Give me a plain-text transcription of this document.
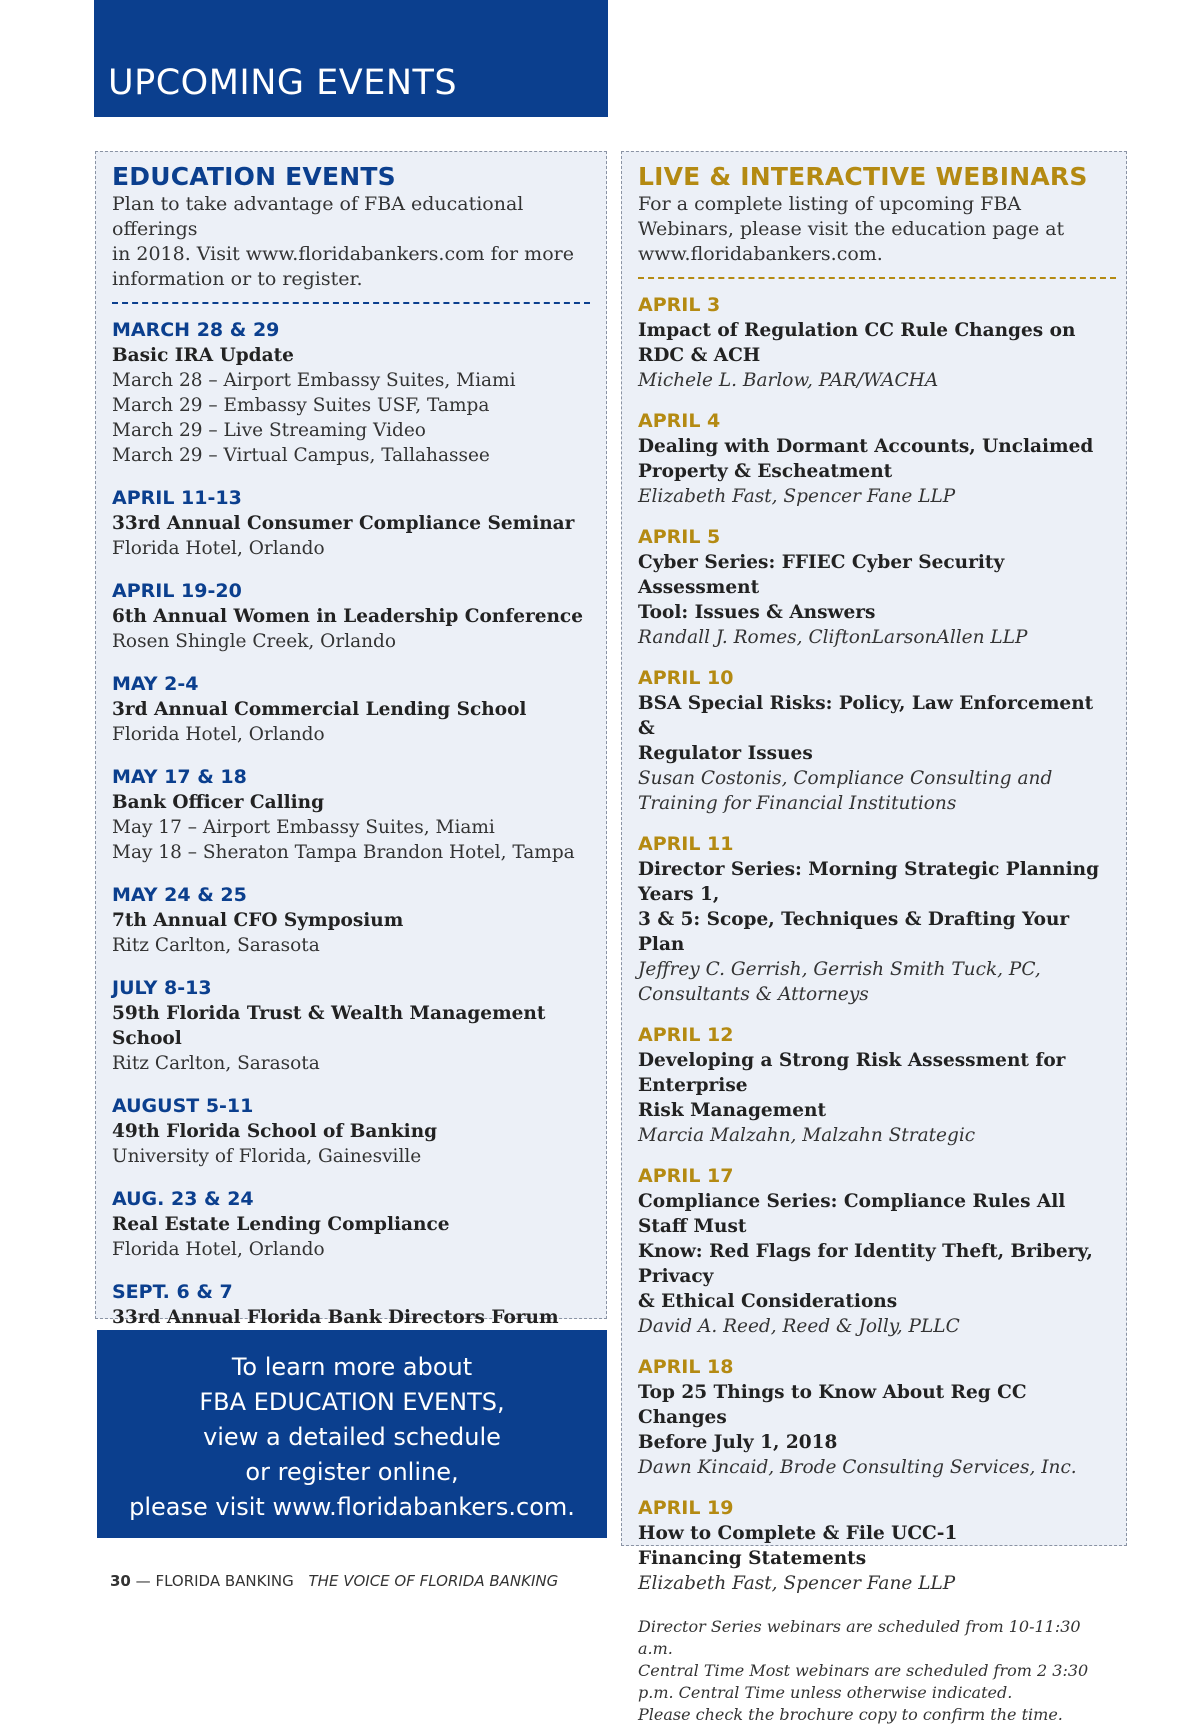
UPCOMING EVENTS
EDUCATION EVENTS

Plan to take advantage of FBA educational offerings
in 2018. Visit www.floridabankers.com for more
information or to register.

MARCH 28 & 29
Basic IRA Update
March 28 – Airport Embassy Suites, Miami
March 29 – Embassy Suites USF, Tampa
March 29 – Live Streaming Video
March 29 – Virtual Campus, Tallahassee
APRIL 11-13
33rd Annual Consumer Compliance Seminar
Florida Hotel, Orlando
APRIL 19-20
6th Annual Women in Leadership Conference
Rosen Shingle Creek, Orlando
MAY 2-4
3rd Annual Commercial Lending School
Florida Hotel, Orlando
MAY 17 & 18
Bank Officer Calling
May 17 – Airport Embassy Suites, Miami
May 18 – Sheraton Tampa Brandon Hotel, Tampa
MAY 24 & 25
7th Annual CFO Symposium
Ritz Carlton, Sarasota
JULY 8-13
59th Florida Trust & Wealth Management School
Ritz Carlton, Sarasota
AUGUST 5-11
49th Florida School of Banking
University of Florida, Gainesville
AUG. 23 & 24
Real Estate Lending Compliance
Florida Hotel, Orlando
SEPT. 6 & 7
33rd Annual Florida Bank Directors Forum
To learn more about
FBA EDUCATION EVENTS,
view a detailed schedule
or register online,
please visit www.floridabankers.com.
LIVE & INTERACTIVE WEBINARS

For a complete listing of upcoming FBA
Webinars, please visit the education page at
www.floridabankers.com.

APRIL 3
Impact of Regulation CC Rule Changes on
RDC & ACH
Michele L. Barlow, PAR/WACHA
APRIL 4
Dealing with Dormant Accounts, Unclaimed
Property & Escheatment
Elizabeth Fast, Spencer Fane LLP
APRIL 5
Cyber Series: FFIEC Cyber Security Assessment
Tool: Issues & Answers
Randall J. Romes, CliftonLarsonAllen LLP
APRIL 10
BSA Special Risks: Policy, Law Enforcement &
Regulator Issues
Susan Costonis, Compliance Consulting and
Training for Financial Institutions
APRIL 11
Director Series: Morning Strategic Planning Years 1,
3 & 5: Scope, Techniques & Drafting Your Plan
Jeffrey C. Gerrish, Gerrish Smith Tuck, PC,
Consultants & Attorneys
APRIL 12
Developing a Strong Risk Assessment for Enterprise
Risk Management
Marcia Malzahn, Malzahn Strategic
APRIL 17
Compliance Series: Compliance Rules All Staff Must
Know: Red Flags for Identity Theft, Bribery, Privacy
& Ethical Considerations
David A. Reed, Reed & Jolly, PLLC
APRIL 18
Top 25 Things to Know About Reg CC Changes
Before July 1, 2018
Dawn Kincaid, Brode Consulting Services, Inc.
APRIL 19
How to Complete & File UCC-1
Financing Statements
Elizabeth Fast, Spencer Fane LLP
Director Series webinars are scheduled from 10-11:30 a.m.
Central Time Most webinars are scheduled from 2 3:30
p.m. Central Time unless otherwise indicated.
Please check the brochure copy to confirm the time.
30 — FLORIDA BANKING THE VOICE OF FLORIDA BANKING
